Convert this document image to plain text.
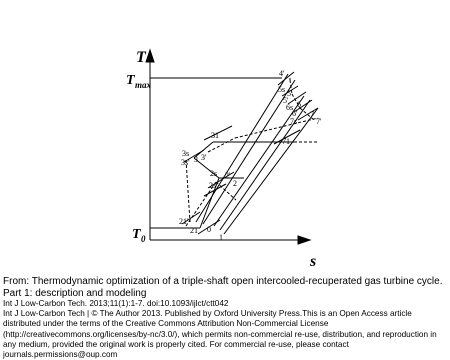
T
s
T max
T 0
4'
5s 5
5'
6s 6
6' 7
7s 7'
71
31
3s
3s' 3 3'
2s
2s'
2'
2
21
21'
0
1
From: Thermodynamic optimization of a triple-shaft open intercooled-recuperated gas turbine cycle. Part 1: description and modeling
Int J Low-Carbon Tech. 2013;11(1):1-7. doi:10.1093/ijlct/ctt042
Int J Low-Carbon Tech | © The Author 2013. Published by Oxford University Press.This is an Open Access article distributed under the terms of the Creative Commons Attribution Non-Commercial License (http://creativecommons.org/licenses/by-nc/3.0/), which permits non-commercial re-use, distribution, and reproduction in any medium, provided the original work is properly cited. For commercial re-use, please contact journals.permissions@oup.com
